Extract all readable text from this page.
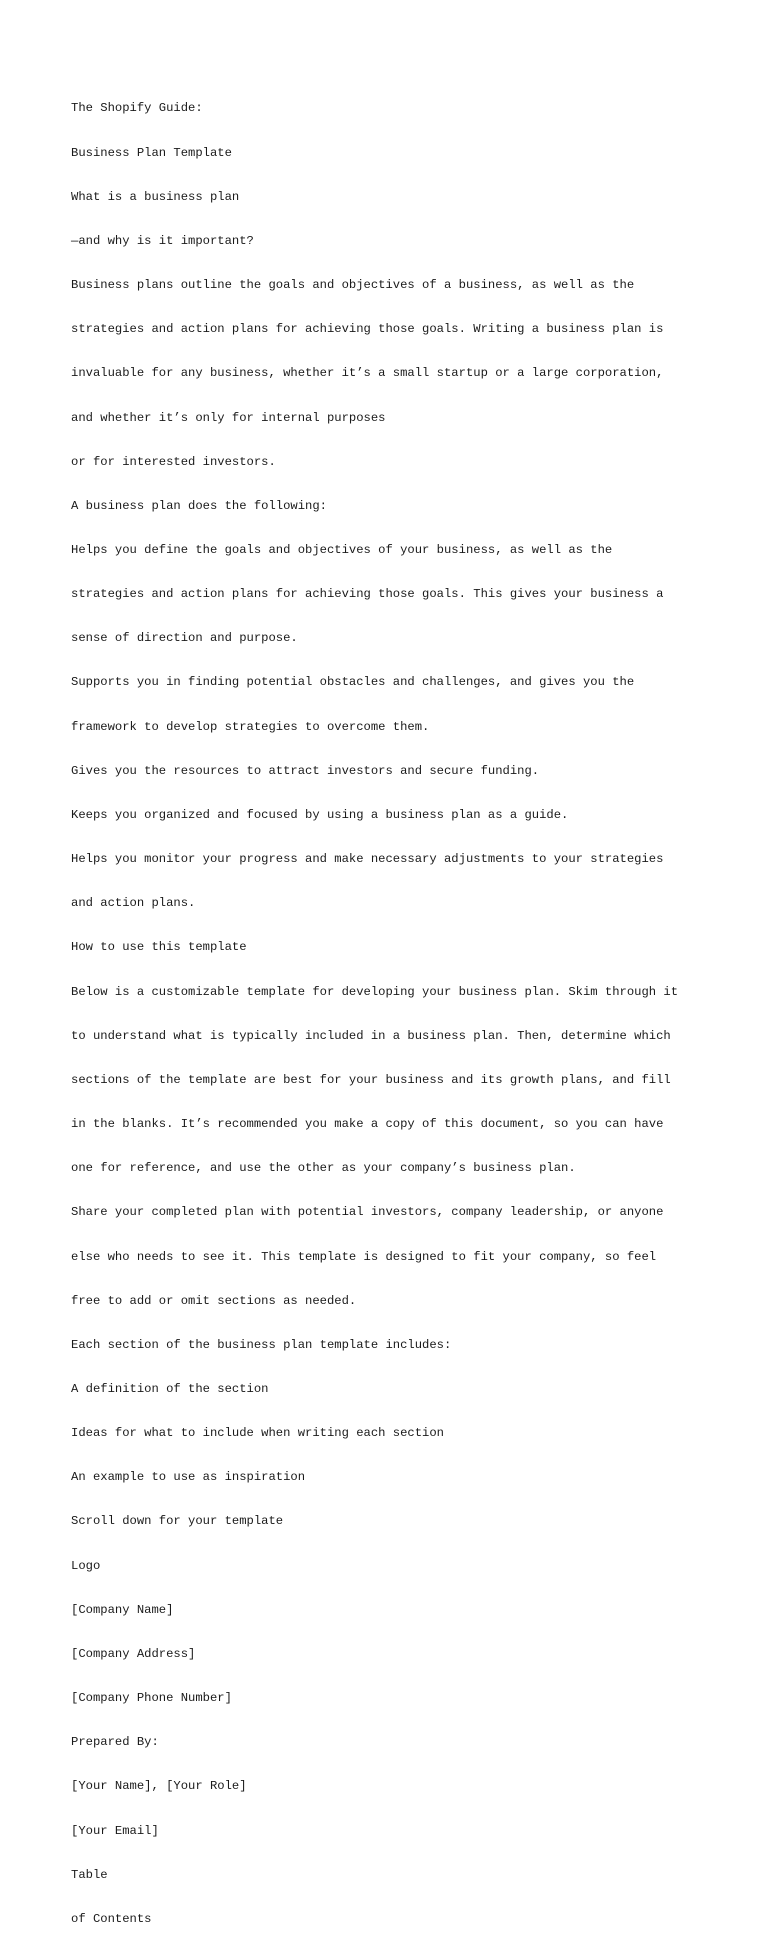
The Shopify Guide:

Business Plan Template

What is a business plan

—and why is it important?

Business plans outline the goals and objectives of a business, as well as the

strategies and action plans for achieving those goals. Writing a business plan is

invaluable for any business, whether it’s a small startup or a large corporation,

and whether it’s only for internal purposes

or for interested investors.

A business plan does the following:

Helps you define the goals and objectives of your business, as well as the

strategies and action plans for achieving those goals. This gives your business a

sense of direction and purpose.

Supports you in finding potential obstacles and challenges, and gives you the

framework to develop strategies to overcome them.

Gives you the resources to attract investors and secure funding.

Keeps you organized and focused by using a business plan as a guide.

Helps you monitor your progress and make necessary adjustments to your strategies

and action plans.

How to use this template

Below is a customizable template for developing your business plan. Skim through it

to understand what is typically included in a business plan. Then, determine which

sections of the template are best for your business and its growth plans, and fill

in the blanks. It’s recommended you make a copy of this document, so you can have

one for reference, and use the other as your company’s business plan.

Share your completed plan with potential investors, company leadership, or anyone

else who needs to see it. This template is designed to fit your company, so feel

free to add or omit sections as needed.

Each section of the business plan template includes:

A definition of the section

Ideas for what to include when writing each section

An example to use as inspiration

Scroll down for your template

Logo

[Company Name]

[Company Address]

[Company Phone Number]

Prepared By:

[Your Name], [Your Role]

[Your Email]

Table

of Contents
